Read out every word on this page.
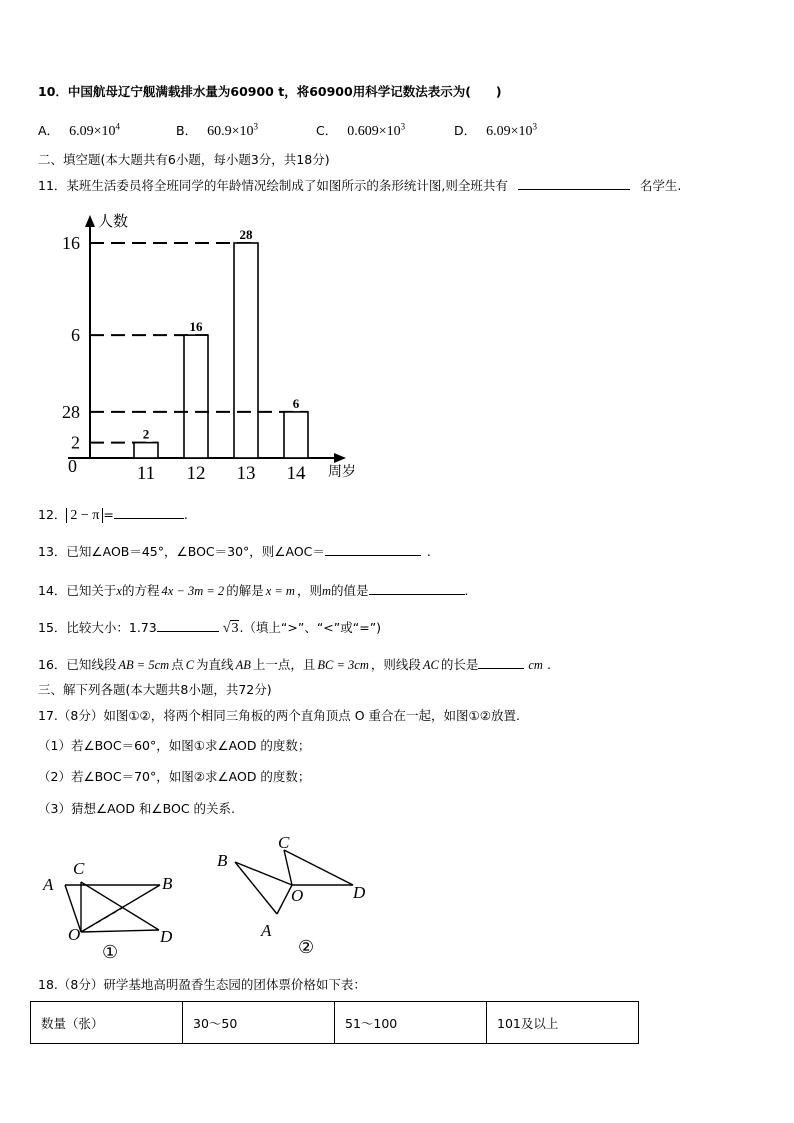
10．中国航母辽宁舰满载排水量为60900 t，将60900用科学记数法表示为(　　)
A． $6.09\times 10^4$	B． $60.9\times 10^3$	C． $0.609\times 10^3$	D． $6.09\times 10^3$
二、填空题(本大题共有6小题，每小题3分，共18分)
11．某班生活委员将全班同学的年龄情况绘制成了如图所示的条形统计图,则全班共有	名学生.
人数
周岁
0
2	2
11
6	16
12
16	28
13
28	6
14
12． 2 − π =	.
13．已知∠AOB＝45°，∠BOC＝30°，则∠AOC＝	.
14．已知关于x的方程 4x − 3m = 2 的解是 x = m ，则m的值是	.
15．比较大小：1.73	√3.（填上“>”、“<”或“=”)
16．已知线段 AB = 5cm 点 C 为直线 AB 上一点，且 BC = 3cm ，则线段 AC 的长是	cm .
三、解下列各题(本大题共8小题，共72分)
17.（8分）如图①②，将两个相同三角板的两个直角顶点 O 重合在一起，如图①②放置.
（1）若∠BOC＝60°，如图①求∠AOD 的度数；
（2）若∠BOC＝70°，如图②求∠AOD 的度数；
（3）猜想∠AOD 和∠BOC 的关系.
A	B
C
D
O
①
B
C
D
O
A
②
18.（8分）研学基地高明盈香生态园的团体票价格如下表：
数量（张）	30～50	51～100	101及以上
